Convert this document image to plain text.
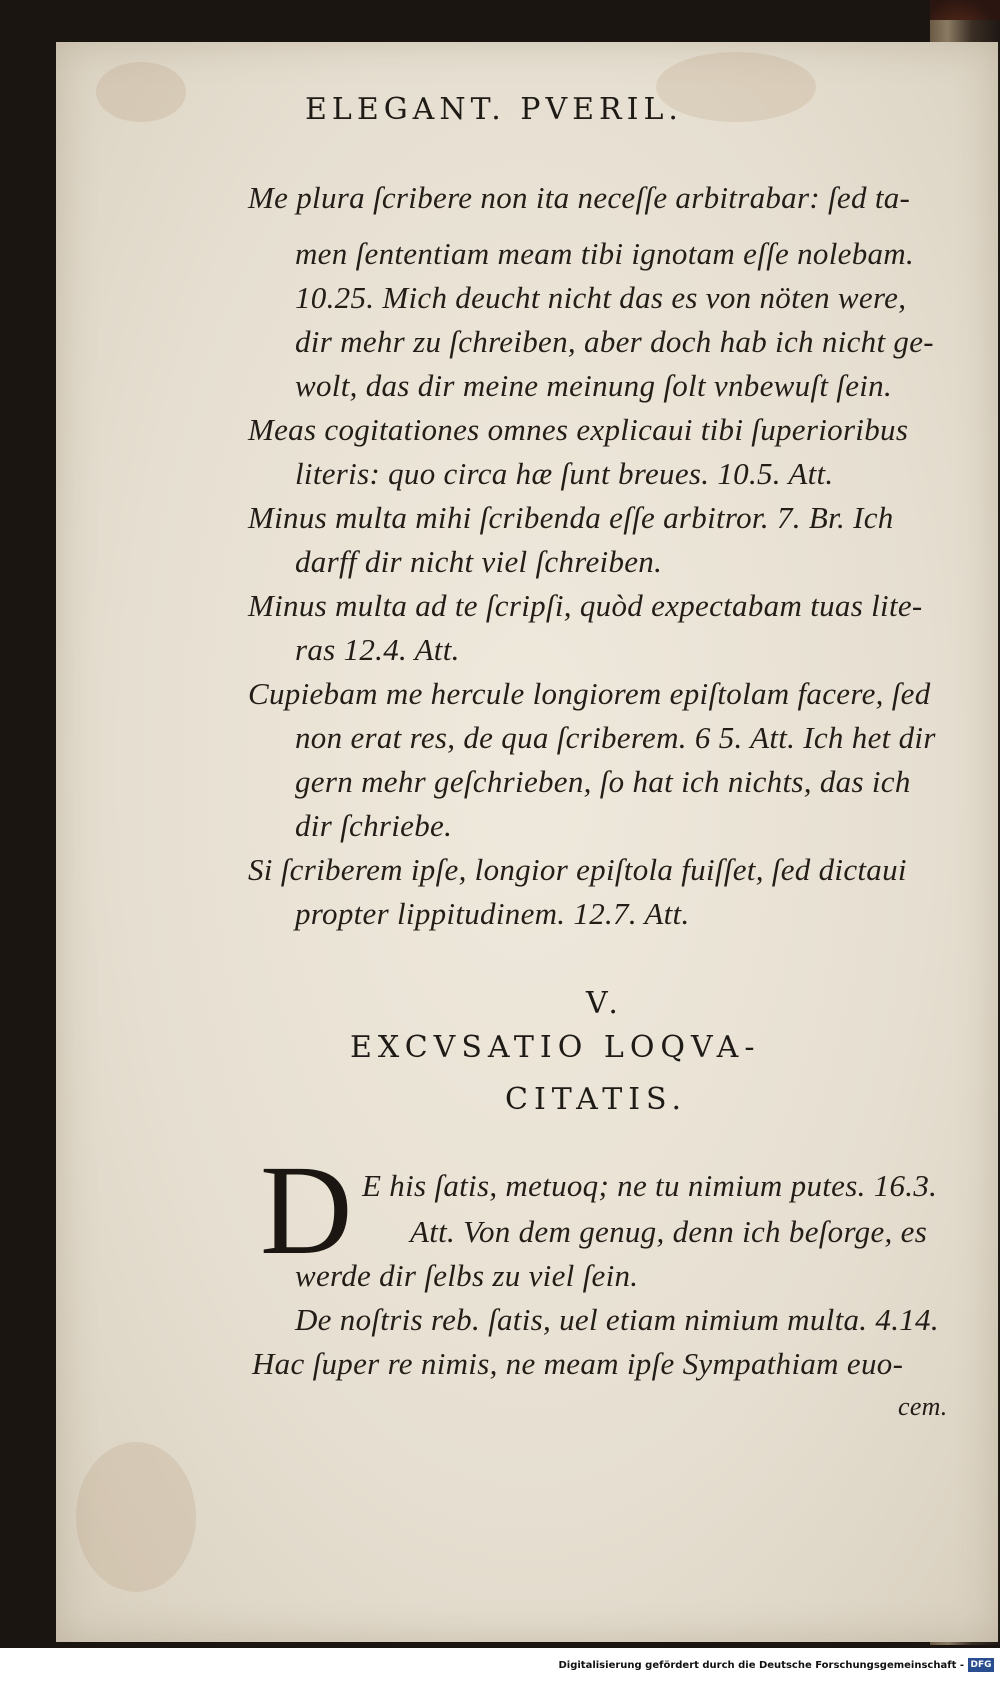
ELEGANT. PVERIL.
Me plura ſcribere non ita neceſſe arbitrabar: ſed ta-
men ſententiam meam tibi ignotam eſſe nolebam.
10.25. Mich deucht nicht das es von nöten were,
dir mehr zu ſchreiben, aber doch hab ich nicht ge-
wolt, das dir meine meinung ſolt vnbewuſt ſein.
Meas cogitationes omnes explicaui tibi ſuperioribus
literis: quo circa hæ ſunt breues. 10.5. Att.
Minus multa mihi ſcribenda eſſe arbitror. 7. Br. Ich
darff dir nicht viel ſchreiben.
Minus multa ad te ſcripſi, quòd expectabam tuas lite-
ras 12.4. Att.
Cupiebam me hercule longiorem epiſtolam facere, ſed
non erat res, de qua ſcriberem. 6 5. Att. Ich het dir
gern mehr geſchrieben, ſo hat ich nichts, das ich
dir ſchriebe.
Si ſcriberem ipſe, longior epiſtola fuiſſet, ſed dictaui
propter lippitudinem. 12.7. Att.
V.
EXCVSATIO LOQVA-
CITATIS.
D E his ſatis, metuoq; ne tu nimium putes. 16.3.
Att. Von dem genug, denn ich beſorge, es
werde dir ſelbs zu viel ſein.
De noſtris reb. ſatis, uel etiam nimium multa. 4.14.
Hac ſuper re nimis, ne meam ipſe Sympathiam euo-
cem.
Digitalisierung gefördert durch die Deutsche Forschungsgemeinschaft - DFG
